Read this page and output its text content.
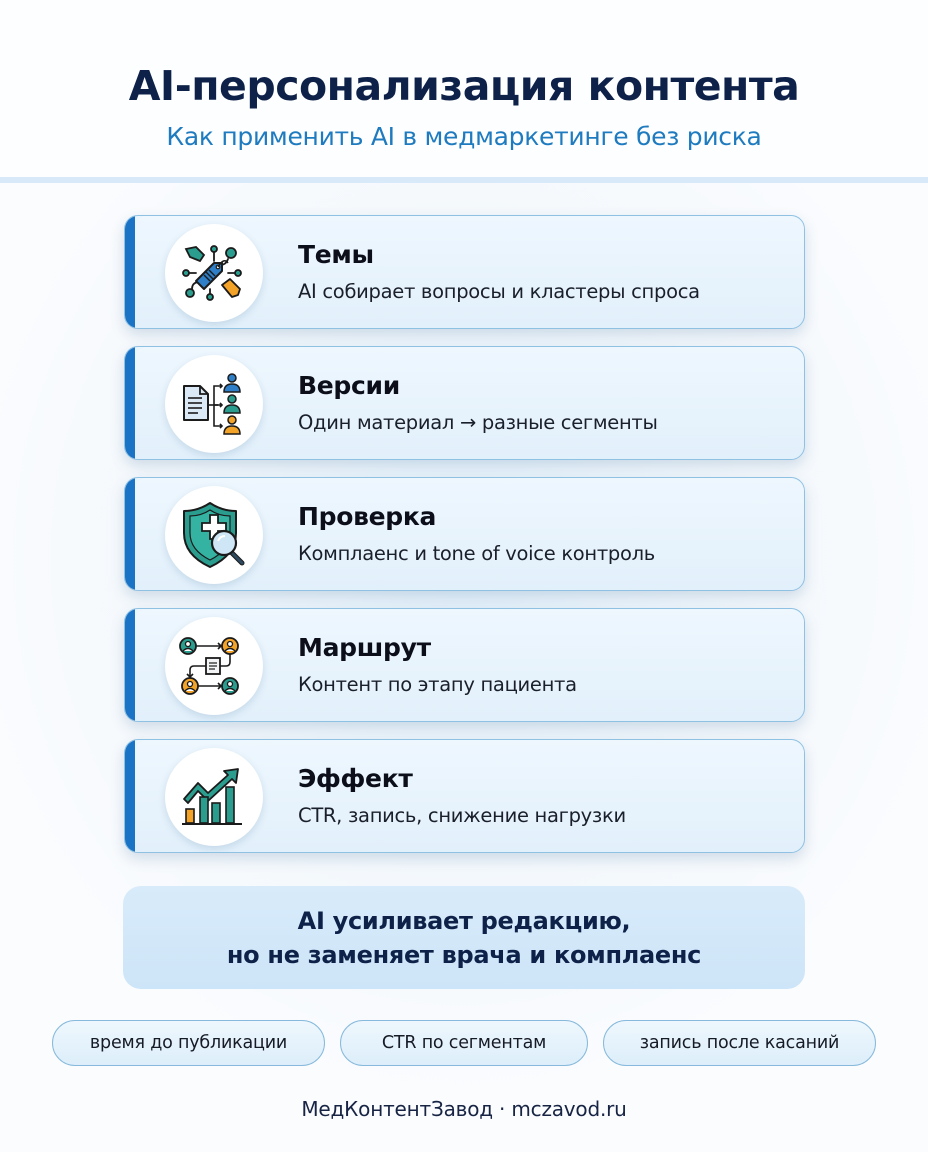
AI-персонализация контента
Как применить AI в медмаркетинге без риска
Темы
AI собирает вопросы и кластеры спроса
Версии
Один материал → разные сегменты
Проверка
Комплаенс и tone of voice контроль
Маршрут
Контент по этапу пациента
Эффект
CTR, запись, снижение нагрузки
AI усиливает редакцию,
но не заменяет врача и комплаенс
время до публикации	CTR по сегментам	запись после касаний
МедКонтентЗавод · mczavod.ru
